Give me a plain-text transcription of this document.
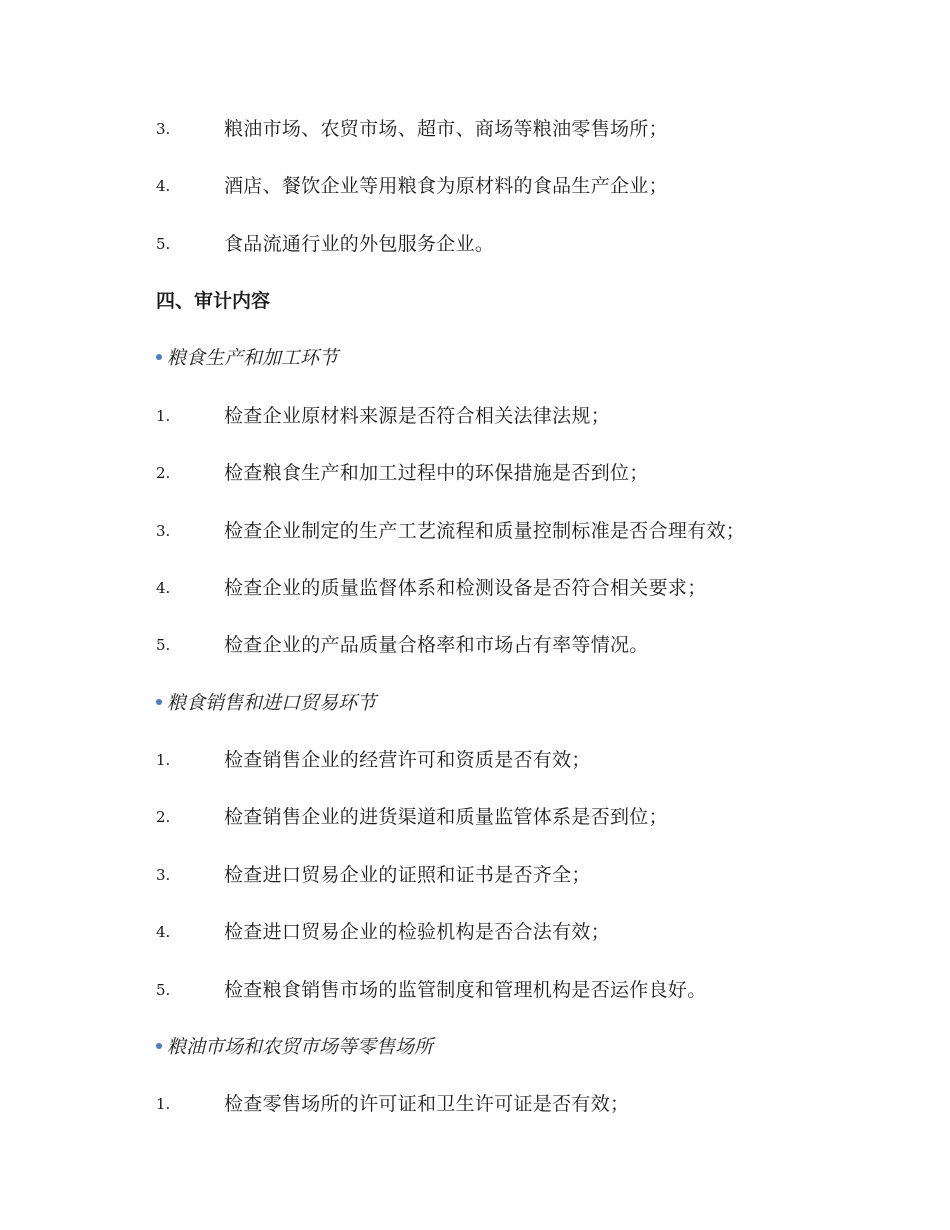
3.	粮油市场、农贸市场、超市、商场等粮油零售场所；
4.	酒店、餐饮企业等用粮食为原材料的食品生产企业；
5.	食品流通行业的外包服务企业。
四、审计内容
粮食生产和加工环节
1.	检查企业原材料来源是否符合相关法律法规；
2.	检查粮食生产和加工过程中的环保措施是否到位；
3.	检查企业制定的生产工艺流程和质量控制标准是否合理有效；
4.	检查企业的质量监督体系和检测设备是否符合相关要求；
5.	检查企业的产品质量合格率和市场占有率等情况。
粮食销售和进口贸易环节
1.	检查销售企业的经营许可和资质是否有效；
2.	检查销售企业的进货渠道和质量监管体系是否到位；
3.	检查进口贸易企业的证照和证书是否齐全；
4.	检查进口贸易企业的检验机构是否合法有效；
5.	检查粮食销售市场的监管制度和管理机构是否运作良好。
粮油市场和农贸市场等零售场所
1.	检查零售场所的许可证和卫生许可证是否有效；
